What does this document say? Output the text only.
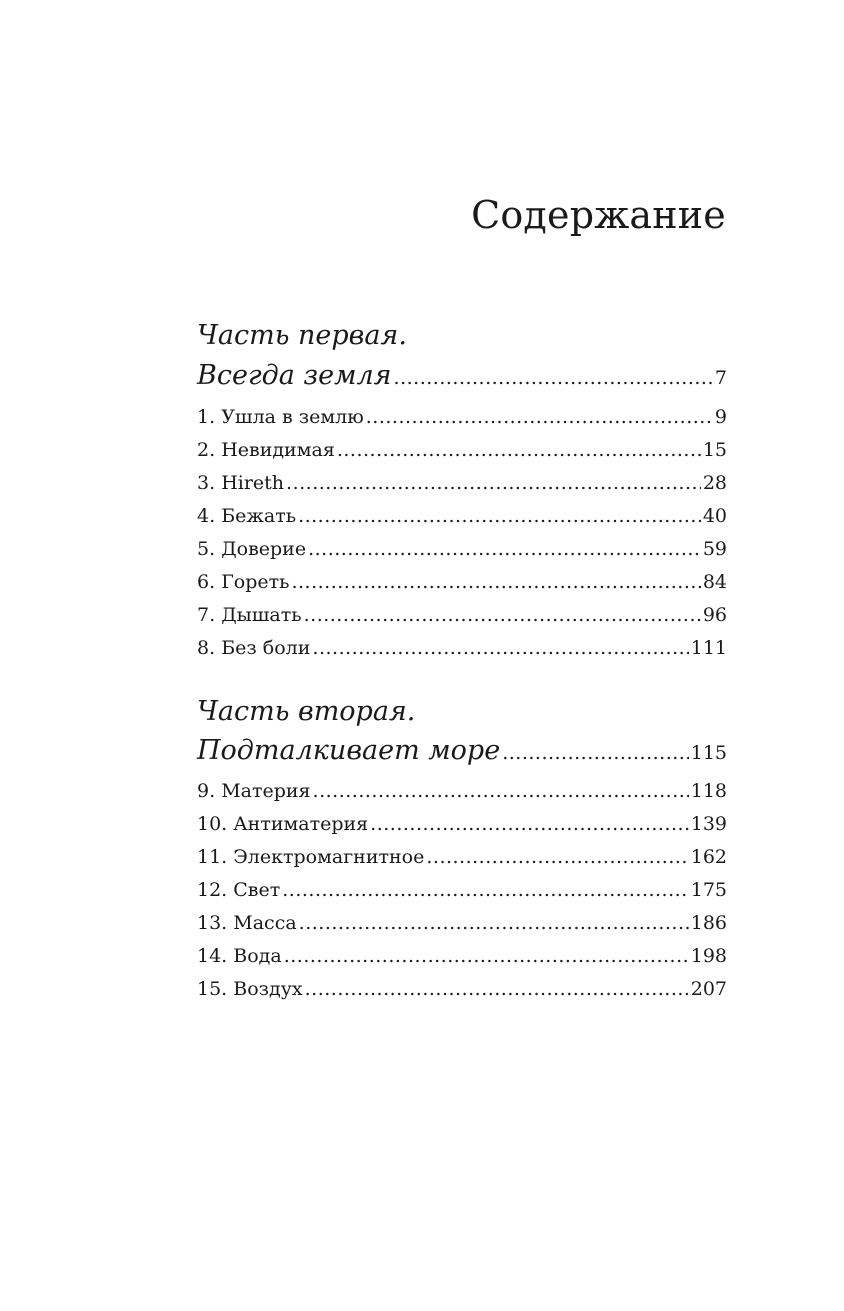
Содержание
Часть первая.
Всегда земля .....	7
1. Ушла в землю .....	9
2. Невидимая .....	15
3. Hireth .....	28
4. Бежать .....	40
5. Доверие .....	59
6. Гореть .....	84
7. Дышать .....	96
8. Без боли .....	111
Часть вторая.
Подталкивает море .....	115
9. Материя .....	118
10. Антиматерия .....	139
11. Электромагнитное .....	162
12. Свет .....	175
13. Масса .....	186
14. Вода .....	198
15. Воздух .....	207
